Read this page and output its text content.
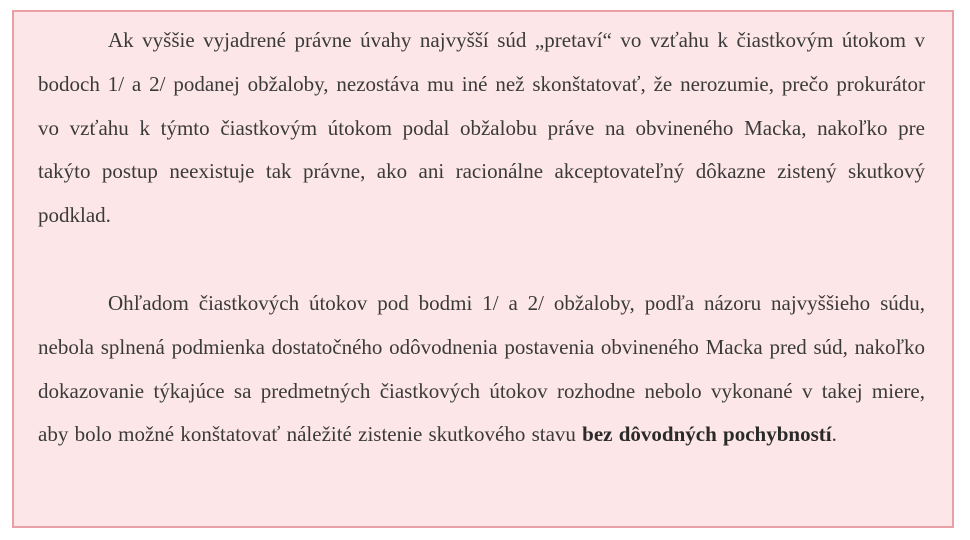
Ak vyššie vyjadrené právne úvahy najvyšší súd „pretaví“ vo vzťahu k čiastkovým útokom v bodoch 1/ a 2/ podanej obžaloby, nezostáva mu iné než skonštatovať, že nerozumie, prečo prokurátor vo vzťahu k týmto čiastkovým útokom podal obžalobu práve na obvineného Macka, nakoľko pre takýto postup neexistuje tak právne, ako ani racionálne akceptovateľný dôkazne zistený skutkový podklad.

Ohľadom čiastkových útokov pod bodmi 1/ a 2/ obžaloby, podľa názoru najvyššieho súdu, nebola splnená podmienka dostatočného odôvodnenia postavenia obvineného Macka pred súd, nakoľko dokazovanie týkajúce sa predmetných čiastkových útokov rozhodne nebolo vykonané v takej miere, aby bolo možné konštatovať náležité zistenie skutkového stavu bez dôvodných pochybností.
